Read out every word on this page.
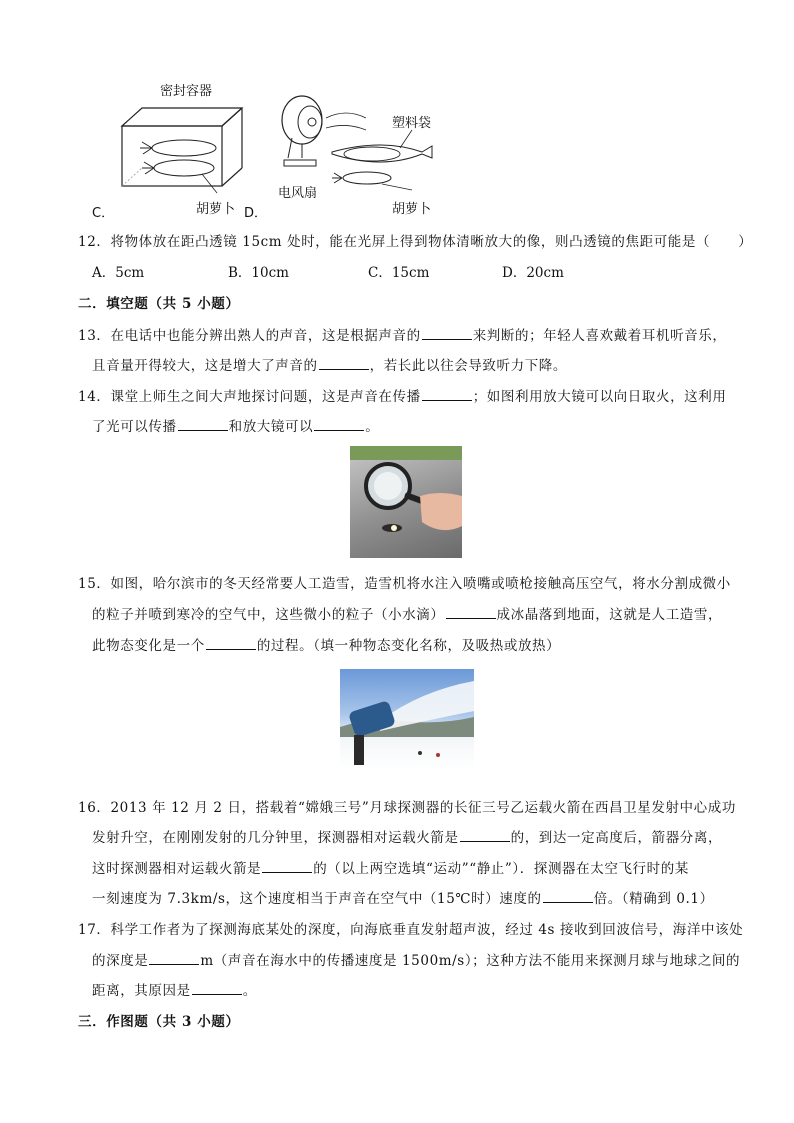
密封容器
胡萝卜
C．
塑料袋
电风扇
胡萝卜
D．
12．将物体放在距凸透镜 15cm 处时，能在光屏上得到物体清晰放大的像，则凸透镜的焦距可能是（　　）
A．5cm	B．10cm	C．15cm	D．20cm
二．填空题（共 5 小题）
13．在电话中也能分辨出熟人的声音，这是根据声音的	来判断的；年轻人喜欢戴着耳机听音乐，
且音量开得较大，这是增大了声音的	，若长此以往会导致听力下降。
14．课堂上师生之间大声地探讨问题，这是声音在传播	；如图利用放大镜可以向日取火，这利用
了光可以传播	和放大镜可以	。
15．如图，哈尔滨市的冬天经常要人工造雪，造雪机将水注入喷嘴或喷枪接触高压空气，将水分割成微小
的粒子并喷到寒冷的空气中，这些微小的粒子（小水滴）	成冰晶落到地面，这就是人工造雪，
此物态变化是一个	的过程。（填一种物态变化名称，及吸热或放热）
16．2013 年 12 月 2 日，搭载着“嫦娥三号”月球探测器的长征三号乙运载火箭在西昌卫星发射中心成功
发射升空，在刚刚发射的几分钟里，探测器相对运载火箭是	的，到达一定高度后，箭器分离，
这时探测器相对运载火箭是	的（以上两空选填“运动”“静止”）．探测器在太空飞行时的某
一刻速度为 7.3km/s，这个速度相当于声音在空气中（15℃时）速度的	倍。（精确到 0.1）
17．科学工作者为了探测海底某处的深度，向海底垂直发射超声波，经过 4s 接收到回波信号，海洋中该处
的深度是	m（声音在海水中的传播速度是 1500m/s）；这种方法不能用来探测月球与地球之间的
距离，其原因是	。
三．作图题（共 3 小题）
